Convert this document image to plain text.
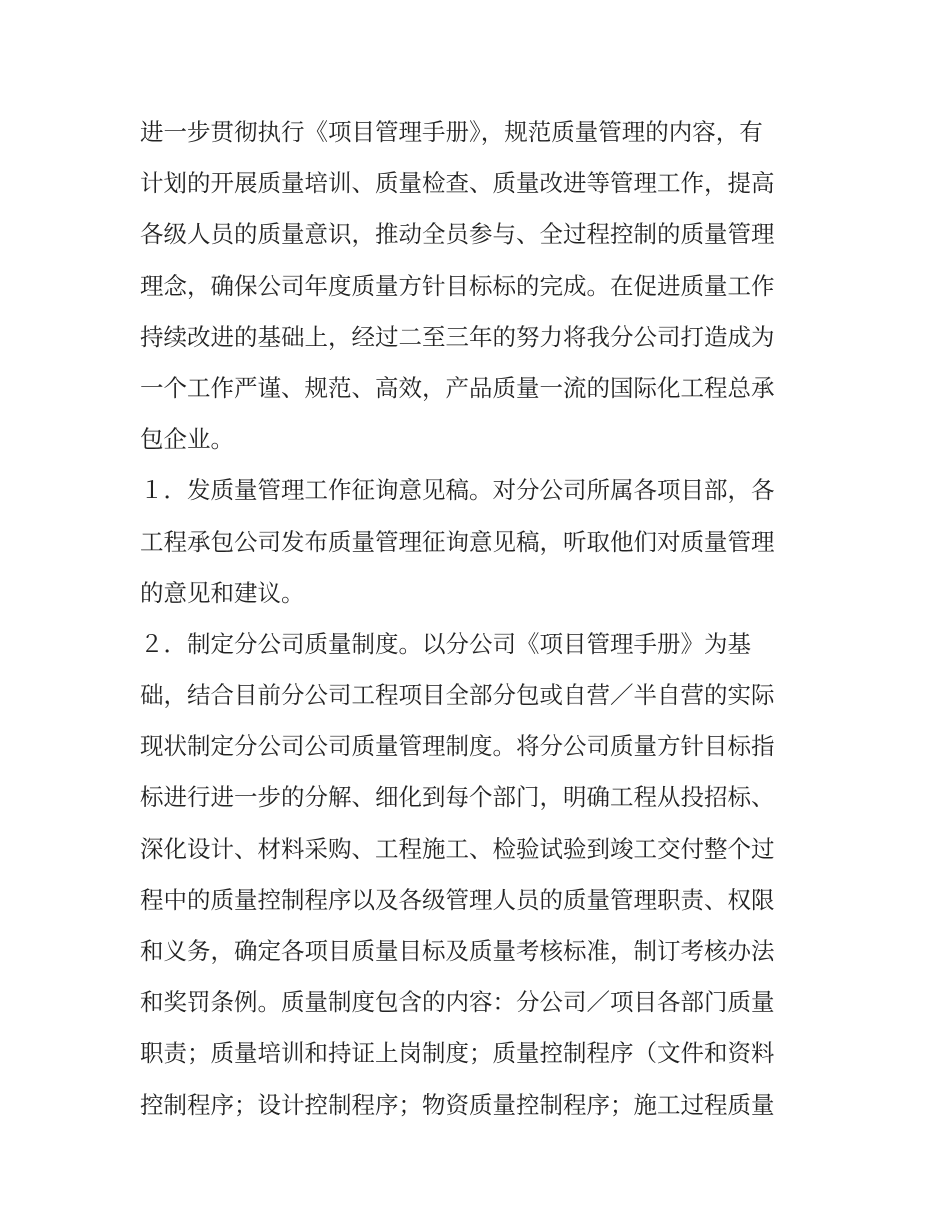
进一步贯彻执行《项目管理手册》，规范质量管理的内容，有
计划的开展质量培训、质量检查、质量改进等管理工作，提高
各级人员的质量意识，推动全员参与、全过程控制的质量管理
理念，确保公司年度质量方针目标标的完成。在促进质量工作
持续改进的基础上，经过二至三年的努力将我分公司打造成为
一个工作严谨、规范、高效，产品质量一流的国际化工程总承
包企业。
１．发质量管理工作征询意见稿。对分公司所属各项目部，各
工程承包公司发布质量管理征询意见稿，听取他们对质量管理
的意见和建议。
２．制定分公司质量制度。以分公司《项目管理手册》为基
础，结合目前分公司工程项目全部分包或自营／半自营的实际
现状制定分公司公司质量管理制度。将分公司质量方针目标指
标进行进一步的分解、细化到每个部门，明确工程从投招标、
深化设计、材料采购、工程施工、检验试验到竣工交付整个过
程中的质量控制程序以及各级管理人员的质量管理职责、权限
和义务，确定各项目质量目标及质量考核标准，制订考核办法
和奖罚条例。质量制度包含的内容：分公司／项目各部门质量
职责；质量培训和持证上岗制度；质量控制程序（文件和资料
控制程序；设计控制程序；物资质量控制程序；施工过程质量
